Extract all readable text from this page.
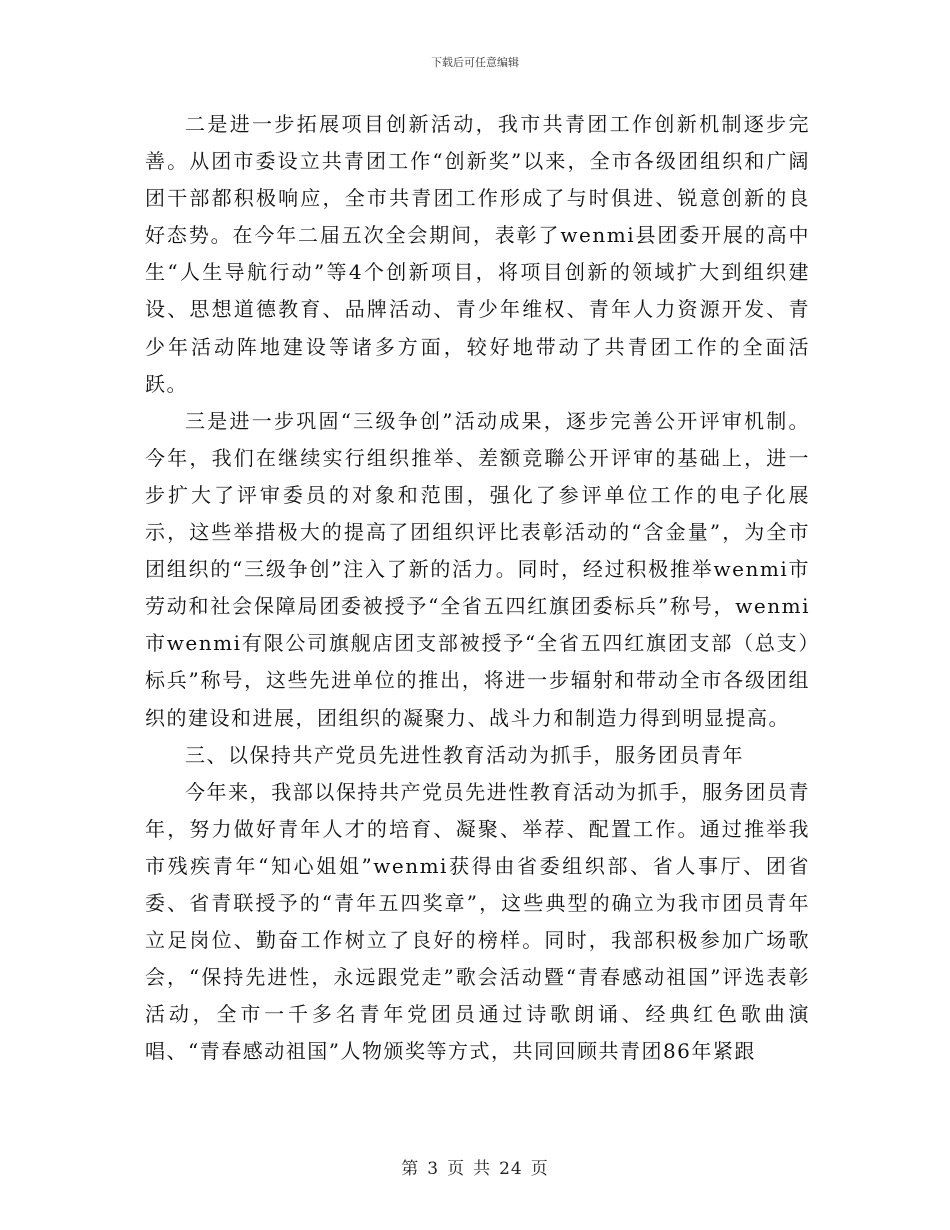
下载后可任意编辑

二是进一步拓展项目创新活动，我市共青团工作创新机制逐步完善。从团市委设立共青团工作“创新奖”以来，全市各级团组织和广阔团干部都积极响应，全市共青团工作形成了与时俱进、锐意创新的良好态势。在今年二届五次全会期间，表彰了wenmi县团委开展的高中生“人生导航行动”等4个创新项目，将项目创新的领域扩大到组织建设、思想道德教育、品牌活动、青少年维权、青年人力资源开发、青少年活动阵地建设等诸多方面，较好地带动了共青团工作的全面活跃。

三是进一步巩固“三级争创”活动成果，逐步完善公开评审机制。今年，我们在继续实行组织推举、差额竞聯公开评审的基础上，进一步扩大了评审委员的对象和范围，强化了参评单位工作的电子化展示，这些举措极大的提高了团组织评比表彰活动的“含金量”，为全市团组织的“三级争创”注入了新的活力。同时，经过积极推举wenmi市劳动和社会保障局团委被授予“全省五四红旗团委标兵”称号，wenmi市wenmi有限公司旗舰店团支部被授予“全省五四红旗团支部（总支）标兵”称号，这些先进单位的推出，将进一步辐射和带动全市各级团组织的建设和进展，团组织的凝聚力、战斗力和制造力得到明显提高。

三、以保持共产党员先进性教育活动为抓手，服务团员青年

今年来，我部以保持共产党员先进性教育活动为抓手，服务团员青年，努力做好青年人才的培育、凝聚、举荐、配置工作。通过推举我市残疾青年“知心姐姐”wenmi获得由省委组织部、省人事厅、团省委、省青联授予的“青年五四奖章”，这些典型的确立为我市团员青年立足岗位、勤奋工作树立了良好的榜样。同时，我部积极参加广场歌会，“保持先进性，永远跟党走”歌会活动暨“青春感动祖国”评选表彰活动，全市一千多名青年党团员通过诗歌朗诵、经典红色歌曲演唱、“青春感动祖国”人物颁奖等方式，共同回顾共青团86年紧跟

第 3 页 共 24 页
